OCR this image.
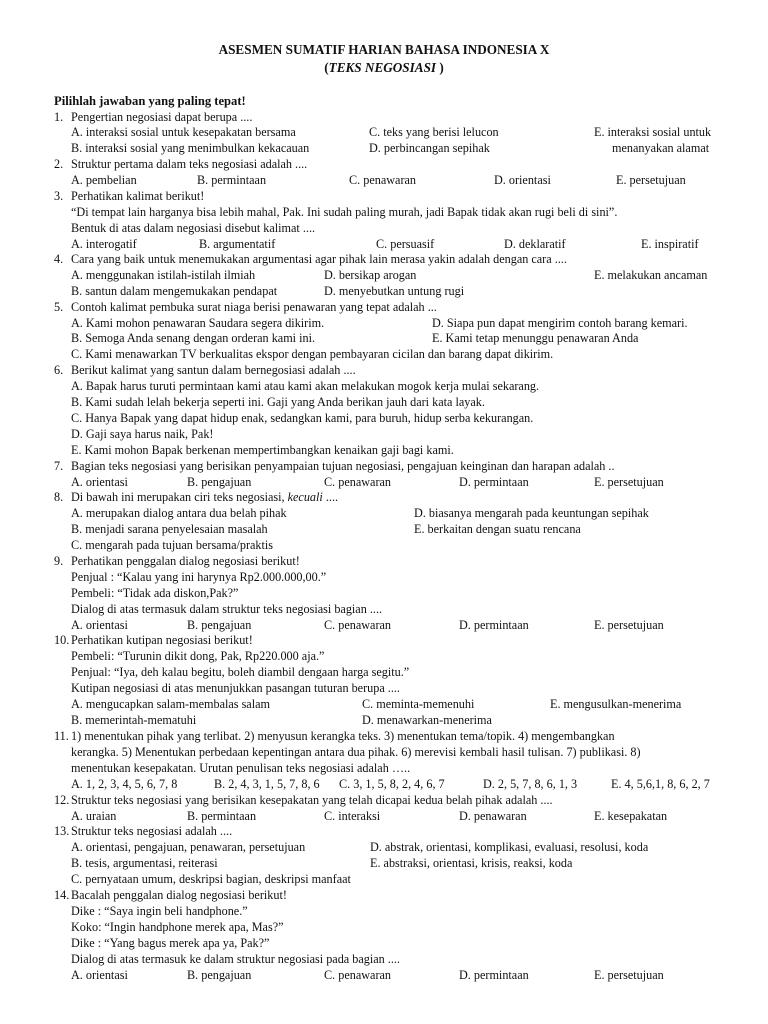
ASESMEN SUMATIF HARIAN BAHASA INDONESIA X
(TEKS NEGOSIASI )
Pilihlah jawaban yang paling tepat!
1. Pengertian negosiasi dapat berupa ....
A. interaksi sosial untuk kesepakatan bersama	C. teks yang berisi lelucon	E. interaksi sosial untuk
B. interaksi sosial yang menimbulkan kekacauan	D. perbincangan sepihak	menanyakan alamat
2. Struktur pertama dalam teks negosiasi adalah ....
A. pembelian	B. permintaan	C. penawaran	D. orientasi	E. persetujuan
3. Perhatikan kalimat berikut!
“Di tempat lain harganya bisa lebih mahal, Pak. Ini sudah paling murah, jadi Bapak tidak akan rugi beli di sini”.
Bentuk di atas dalam negosiasi disebut kalimat ....
A. interogatif	B. argumentatif	C. persuasif	D. deklaratif	E. inspiratif
4. Cara yang baik untuk menemukakan argumentasi agar pihak lain merasa yakin adalah dengan cara ....
A. menggunakan istilah-istilah ilmiah	D. bersikap arogan	E. melakukan ancaman
B. santun dalam mengemukakan pendapat	D. menyebutkan untung rugi
5. Contoh kalimat pembuka surat niaga berisi penawaran yang tepat adalah ...
A. Kami mohon penawaran Saudara segera dikirim.	D. Siapa pun dapat mengirim contoh barang kemari.
B. Semoga Anda senang dengan orderan kami ini.	E. Kami tetap menunggu penawaran Anda
C. Kami menawarkan TV berkualitas ekspor dengan pembayaran cicilan dan barang dapat dikirim.
6. Berikut kalimat yang santun dalam bernegosiasi adalah ....
A. Bapak harus turuti permintaan kami atau kami akan melakukan mogok kerja mulai sekarang.
B. Kami sudah lelah bekerja seperti ini. Gaji yang Anda berikan jauh dari kata layak.
C. Hanya Bapak yang dapat hidup enak, sedangkan kami, para buruh, hidup serba kekurangan.
D. Gaji saya harus naik, Pak!
E. Kami mohon Bapak berkenan mempertimbangkan kenaikan gaji bagi kami.
7. Bagian teks negosiasi yang berisikan penyampaian tujuan negosiasi, pengajuan keinginan dan harapan adalah ..
A. orientasi	B. pengajuan	C. penawaran	D. permintaan	E. persetujuan
8. Di bawah ini merupakan ciri teks negosiasi, kecuali ....
A. merupakan dialog antara dua belah pihak	D. biasanya mengarah pada keuntungan sepihak
B. menjadi sarana penyelesaian masalah	E. berkaitan dengan suatu rencana
C. mengarah pada tujuan bersama/praktis
9. Perhatikan penggalan dialog negosiasi berikut!
Penjual : “Kalau yang ini harynya Rp2.000.000,00.”
Pembeli: “Tidak ada diskon,Pak?”
Dialog di atas termasuk dalam struktur teks negosiasi bagian ....
A. orientasi	B. pengajuan	C. penawaran	D. permintaan	E. persetujuan
10. Perhatikan kutipan negosiasi berikut!
Pembeli: “Turunin dikit dong, Pak, Rp220.000 aja.”
Penjual: “Iya, deh kalau begitu, boleh diambil dengaan harga segitu.”
Kutipan negosiasi di atas menunjukkan pasangan tuturan berupa ....
A. mengucapkan salam-membalas salam	C. meminta-memenuhi	E. mengusulkan-menerima
B. memerintah-mematuhi	D. menawarkan-menerima
11. 1) menentukan pihak yang terlibat. 2) menyusun kerangka teks. 3) menentukan tema/topik. 4) mengembangkan
kerangka. 5) Menentukan perbedaan kepentingan antara dua pihak. 6) merevisi kembali hasil tulisan. 7) publikasi. 8)
menentukan kesepakatan. Urutan penulisan teks negosiasi adalah …..
A. 1, 2, 3, 4, 5, 6, 7, 8	B. 2, 4, 3, 1, 5, 7, 8, 6 C. 3, 1, 5, 8, 2, 4, 6, 7	D. 2, 5, 7, 8, 6, 1, 3	E. 4, 5,6,1, 8, 6, 2, 7
12. Struktur teks negosiasi yang berisikan kesepakatan yang telah dicapai kedua belah pihak adalah ....
A. uraian	B. permintaan	C. interaksi	D. penawaran	E. kesepakatan
13. Struktur teks negosiasi adalah ....
A. orientasi, pengajuan, penawaran, persetujuan	D. abstrak, orientasi, komplikasi, evaluasi, resolusi, koda
B. tesis, argumentasi, reiterasi	E. abstraksi, orientasi, krisis, reaksi, koda
C. pernyataan umum, deskripsi bagian, deskripsi manfaat
14. Bacalah penggalan dialog negosiasi berikut!
Dike : “Saya ingin beli handphone.”
Koko: “Ingin handphone merek apa, Mas?”
Dike : “Yang bagus merek apa ya, Pak?”
Dialog di atas termasuk ke dalam struktur negosiasi pada bagian ....
A. orientasi	B. pengajuan	C. penawaran	D. permintaan	E. persetujuan
